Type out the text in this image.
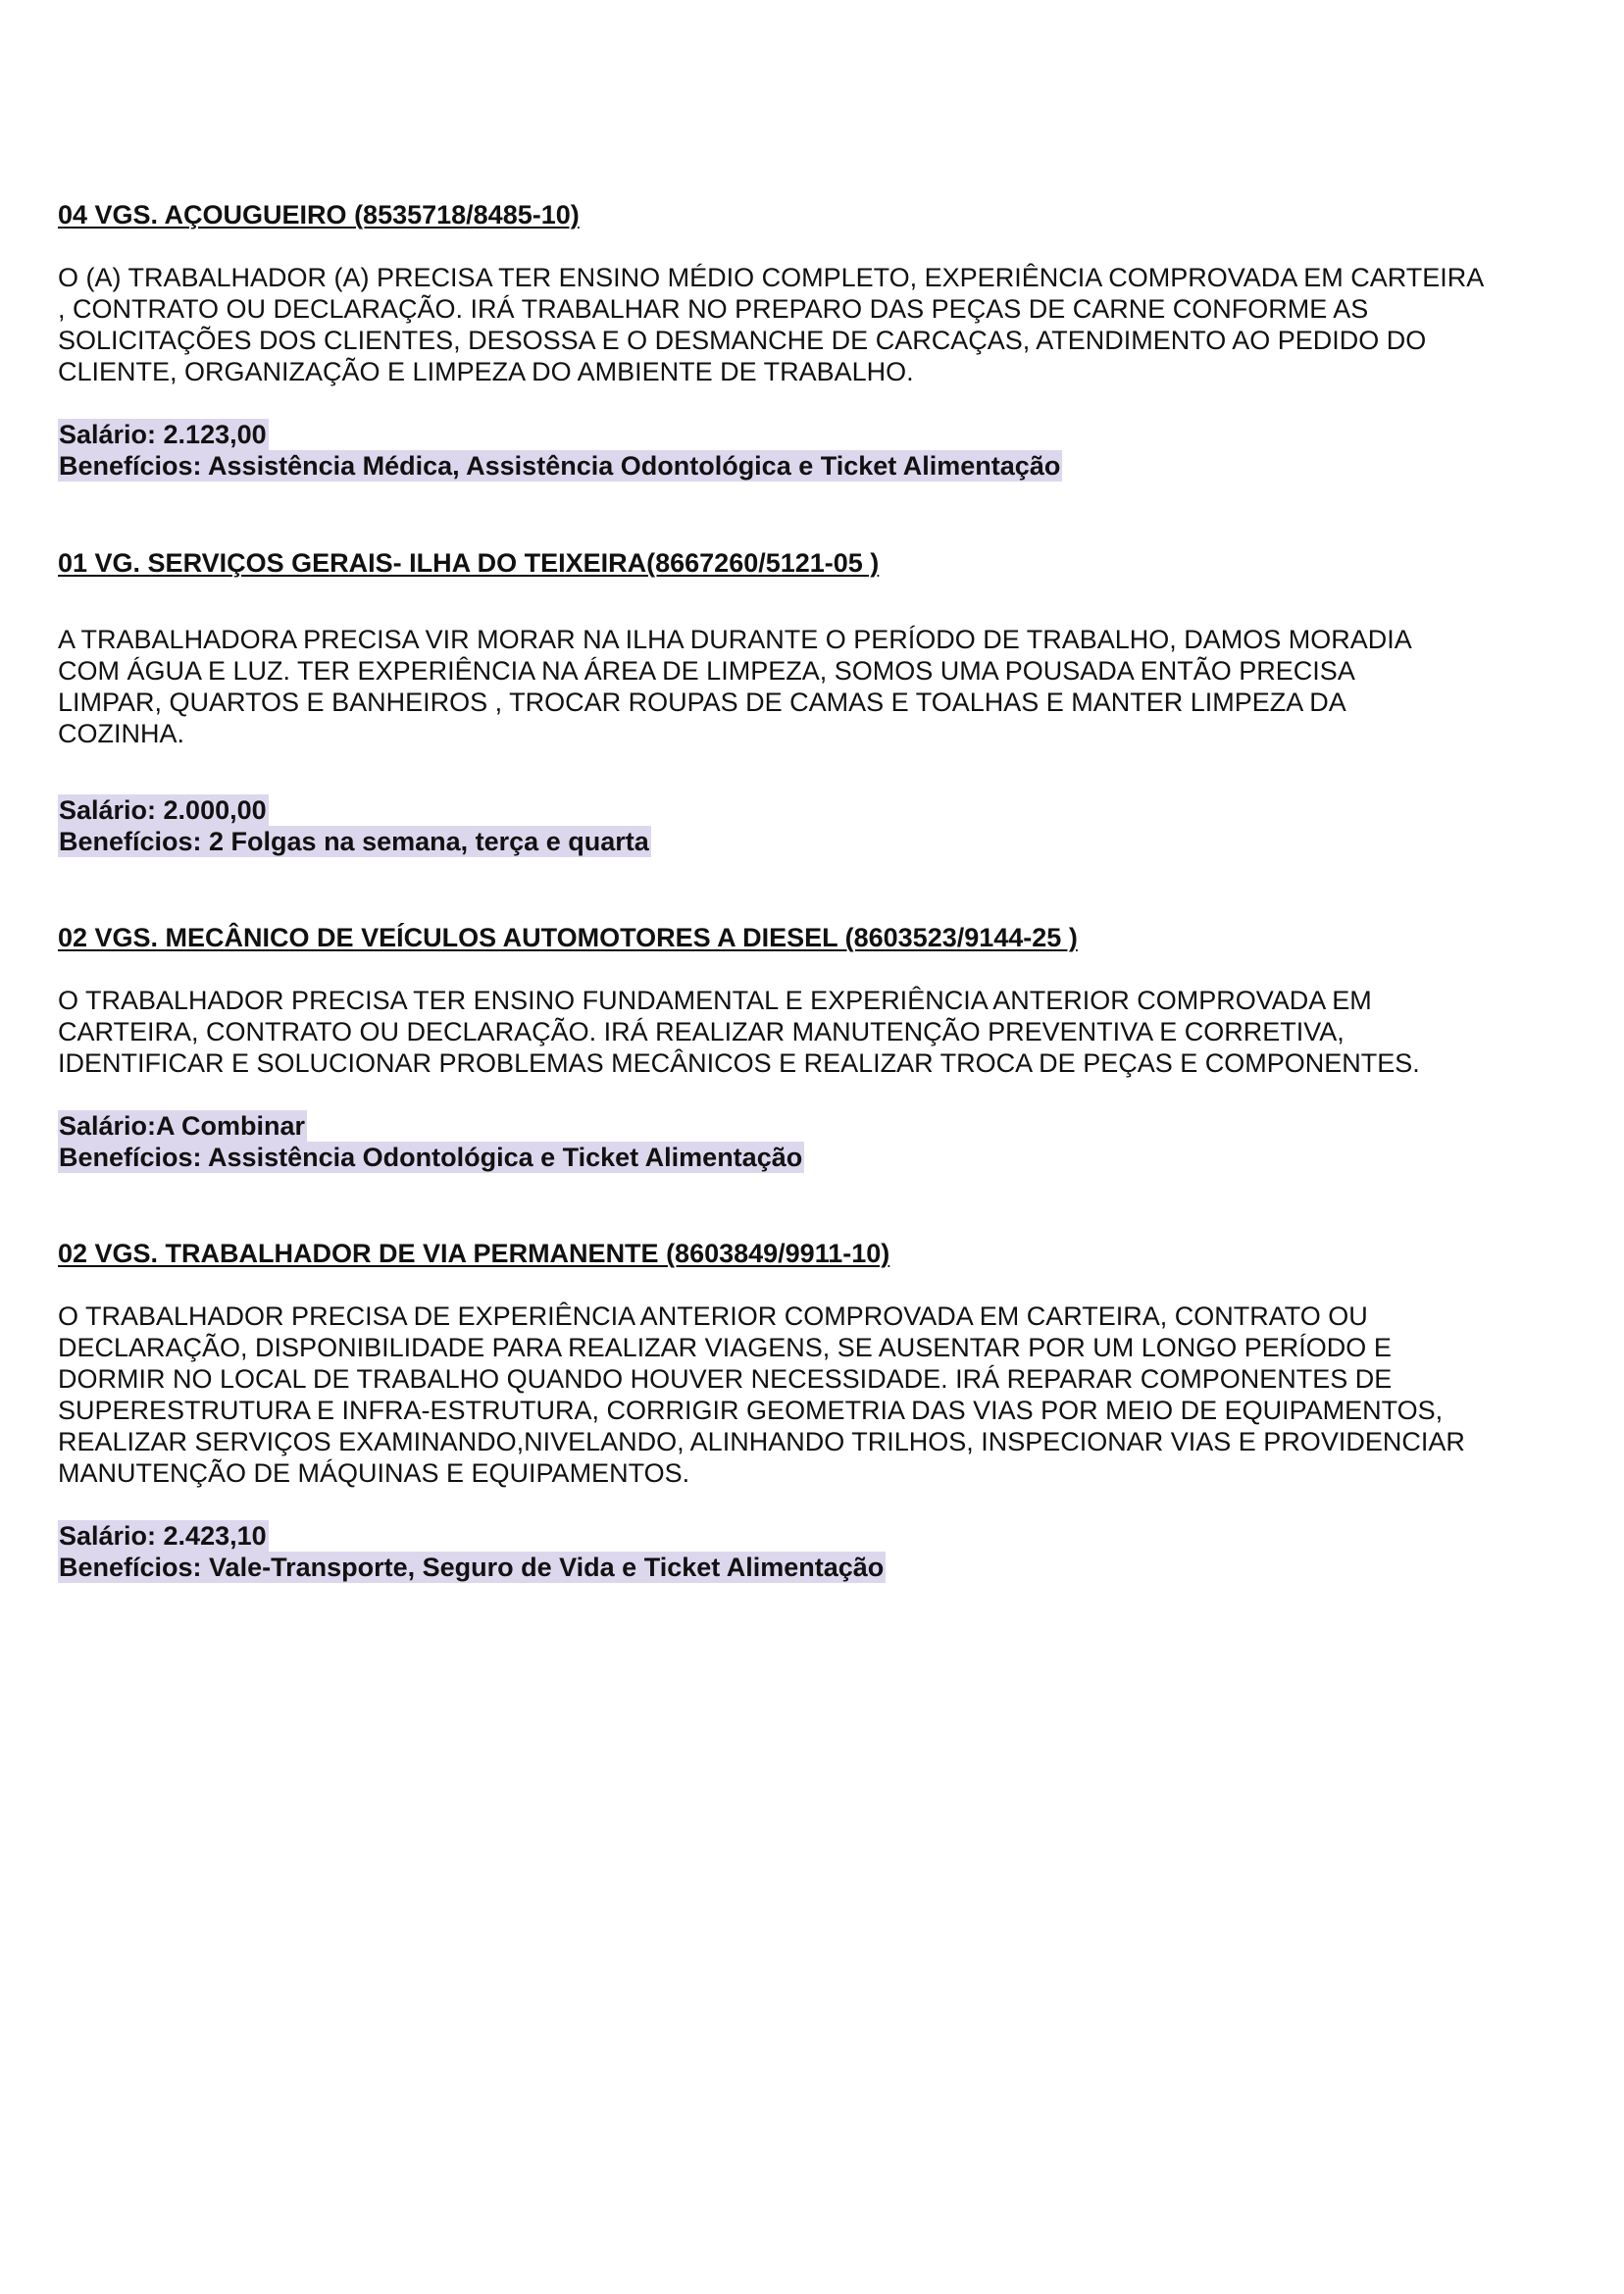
04 VGS. AÇOUGUEIRO (8535718/8485-10)

O (A) TRABALHADOR (A) PRECISA TER ENSINO MÉDIO COMPLETO, EXPERIÊNCIA COMPROVADA EM CARTEIRA
, CONTRATO OU DECLARAÇÃO. IRÁ TRABALHAR NO PREPARO DAS PEÇAS DE CARNE CONFORME AS
SOLICITAÇÕES DOS CLIENTES, DESOSSA E O DESMANCHE DE CARCAÇAS, ATENDIMENTO AO PEDIDO DO
CLIENTE, ORGANIZAÇÃO E LIMPEZA DO AMBIENTE DE TRABALHO.

Salário: 2.123,00
Benefícios: Assistência Médica, Assistência Odontológica e Ticket Alimentação

01 VG. SERVIÇOS GERAIS- ILHA DO TEIXEIRA(8667260/5121-05 )

A TRABALHADORA PRECISA VIR MORAR NA ILHA DURANTE O PERÍODO DE TRABALHO, DAMOS MORADIA
COM ÁGUA E LUZ. TER EXPERIÊNCIA NA ÁREA DE LIMPEZA, SOMOS UMA POUSADA ENTÃO PRECISA
LIMPAR, QUARTOS E BANHEIROS , TROCAR ROUPAS DE CAMAS E TOALHAS E MANTER LIMPEZA DA
COZINHA.

Salário: 2.000,00
Benefícios: 2 Folgas na semana, terça e quarta

02 VGS. MECÂNICO DE VEÍCULOS AUTOMOTORES A DIESEL (8603523/9144-25 )

O TRABALHADOR PRECISA TER ENSINO FUNDAMENTAL E EXPERIÊNCIA ANTERIOR COMPROVADA EM
CARTEIRA, CONTRATO OU DECLARAÇÃO. IRÁ REALIZAR MANUTENÇÃO PREVENTIVA E CORRETIVA,
IDENTIFICAR E SOLUCIONAR PROBLEMAS MECÂNICOS E REALIZAR TROCA DE PEÇAS E COMPONENTES.

Salário:A Combinar
Benefícios: Assistência Odontológica e Ticket Alimentação

02 VGS. TRABALHADOR DE VIA PERMANENTE (8603849/9911-10)

O TRABALHADOR PRECISA DE EXPERIÊNCIA ANTERIOR COMPROVADA EM CARTEIRA, CONTRATO OU
DECLARAÇÃO, DISPONIBILIDADE PARA REALIZAR VIAGENS, SE AUSENTAR POR UM LONGO PERÍODO E
DORMIR NO LOCAL DE TRABALHO QUANDO HOUVER NECESSIDADE. IRÁ REPARAR COMPONENTES DE
SUPERESTRUTURA E INFRA-ESTRUTURA, CORRIGIR GEOMETRIA DAS VIAS POR MEIO DE EQUIPAMENTOS,
REALIZAR SERVIÇOS EXAMINANDO,NIVELANDO, ALINHANDO TRILHOS, INSPECIONAR VIAS E PROVIDENCIAR
MANUTENÇÃO DE MÁQUINAS E EQUIPAMENTOS.

Salário: 2.423,10
Benefícios: Vale-Transporte, Seguro de Vida e Ticket Alimentação
